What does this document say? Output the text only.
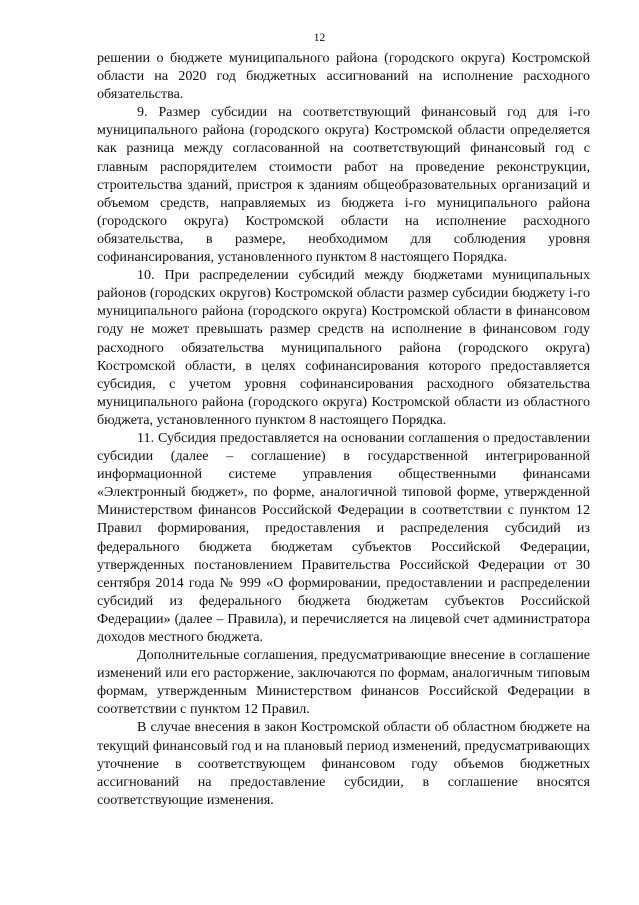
12

решении о бюджете муниципального района (городского округа) Костромской области на 2020 год бюджетных ассигнований на исполнение расходного обязательства.

9. Размер субсидии на соответствующий финансовый год для i-го муниципального района (городского округа) Костромской области определяется как разница между согласованной на соответствующий финансовый год с главным распорядителем стоимости работ на проведение реконструкции, строительства зданий, пристроя к зданиям общеобразовательных организаций и объемом средств, направляемых из бюджета i-го муниципального района (городского округа) Костромской области на исполнение расходного обязательства, в размере, необходимом для соблюдения уровня софинансирования, установленного пунктом 8 настоящего Порядка.

10. При распределении субсидий между бюджетами муниципальных районов (городских округов) Костромской области размер субсидии бюджету i-го муниципального района (городского округа) Костромской области в финансовом году не может превышать размер средств на исполнение в финансовом году расходного обязательства муниципального района (городского округа) Костромской области, в целях софинансирования которого предоставляется субсидия, с учетом уровня софинансирования расходного обязательства муниципального района (городского округа) Костромской области из областного бюджета, установленного пунктом 8 настоящего Порядка.

11. Субсидия предоставляется на основании соглашения о предоставлении субсидии (далее – соглашение) в государственной интегрированной информационной системе управления общественными финансами «Электронный бюджет», по форме, аналогичной типовой форме, утвержденной Министерством финансов Российской Федерации в соответствии с пунктом 12 Правил формирования, предоставления и распределения субсидий из федерального бюджета бюджетам субъектов Российской Федерации, утвержденных постановлением Правительства Российской Федерации от 30 сентября 2014 года № 999 «О формировании, предоставлении и распределении субсидий из федерального бюджета бюджетам субъектов Российской Федерации» (далее – Правила), и перечисляется на лицевой счет администратора доходов местного бюджета.

Дополнительные соглашения, предусматривающие внесение в соглашение изменений или его расторжение, заключаются по формам, аналогичным типовым формам, утвержденным Министерством финансов Российской Федерации в соответствии с пунктом 12 Правил.

В случае внесения в закон Костромской области об областном бюджете на текущий финансовый год и на плановый период изменений, предусматривающих уточнение в соответствующем финансовом году объемов бюджетных ассигнований на предоставление субсидии, в соглашение вносятся соответствующие изменения.
